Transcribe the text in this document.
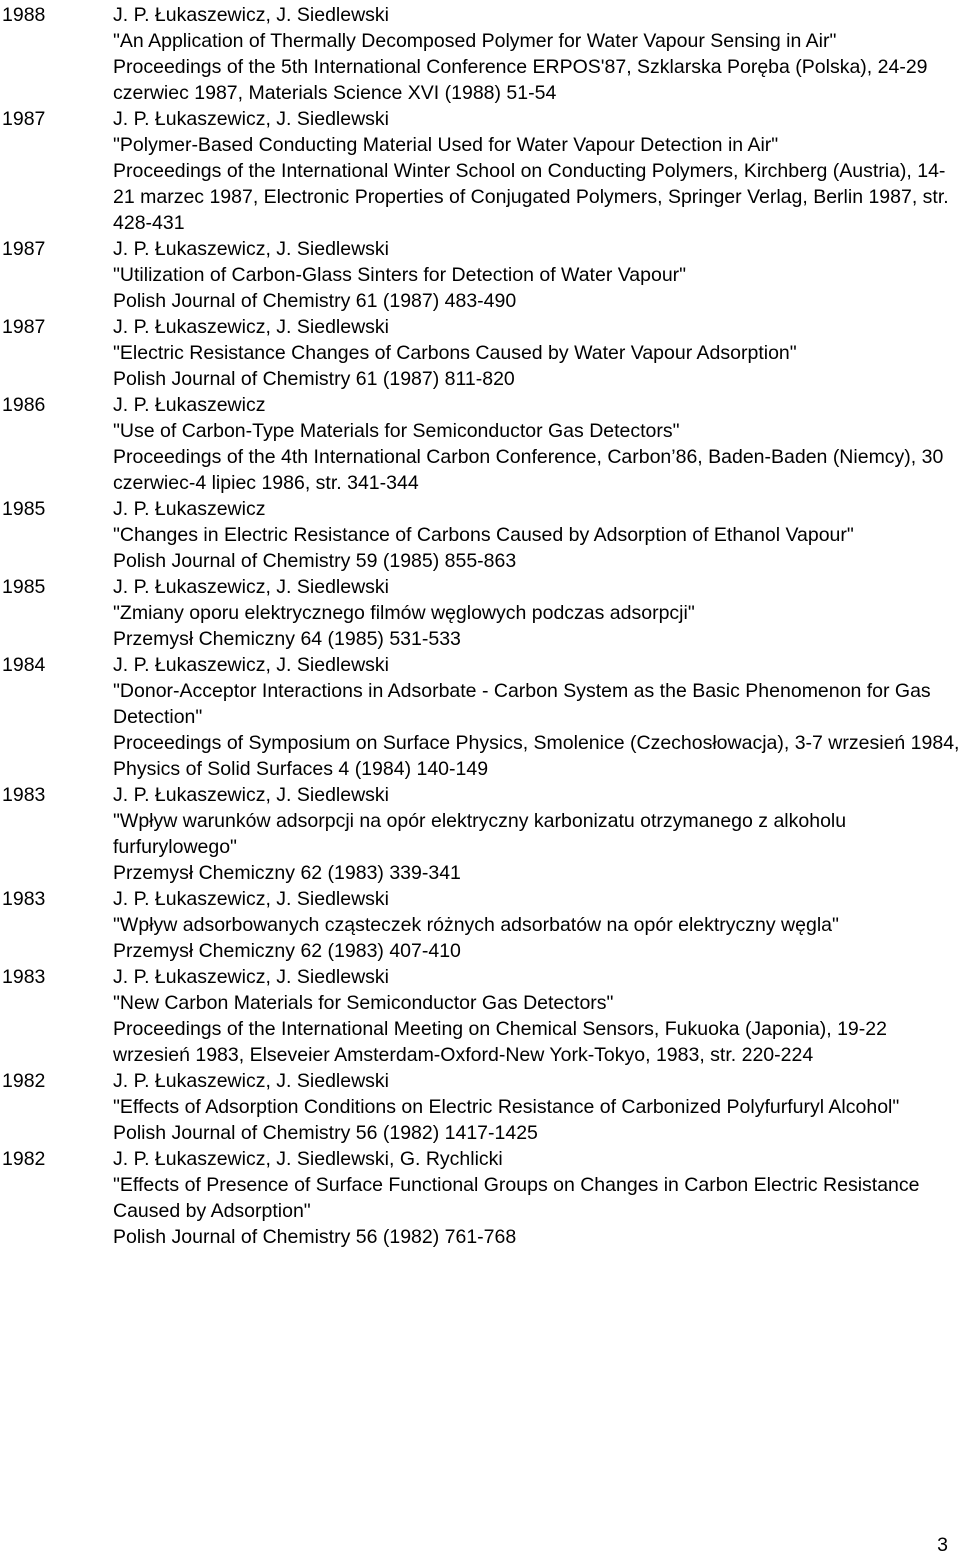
1988	J. P. Łukaszewicz, J. Siedlewski
"An Application of Thermally Decomposed Polymer for Water Vapour Sensing in Air"
Proceedings of the 5th International Conference ERPOS'87, Szklarska Poręba (Polska), 24-29 czerwiec 1987, Materials Science XVI (1988) 51-54
1987	J. P. Łukaszewicz, J. Siedlewski
"Polymer-Based Conducting Material Used for Water Vapour Detection in Air"
Proceedings of the International Winter School on Conducting Polymers, Kirchberg (Austria), 14-21 marzec 1987, Electronic Properties of Conjugated Polymers, Springer Verlag, Berlin 1987, str. 428-431
1987	J. P. Łukaszewicz, J. Siedlewski
"Utilization of Carbon-Glass Sinters for Detection of Water Vapour"
Polish Journal of Chemistry 61 (1987) 483-490
1987	J. P. Łukaszewicz, J. Siedlewski
"Electric Resistance Changes of Carbons Caused by Water Vapour Adsorption"
Polish Journal of Chemistry 61 (1987) 811-820
1986	J. P. Łukaszewicz
"Use of Carbon-Type Materials for Semiconductor Gas Detectors"
Proceedings of the 4th International Carbon Conference, Carbon’86, Baden-Baden (Niemcy), 30 czerwiec-4 lipiec 1986, str. 341-344
1985	J. P. Łukaszewicz
"Changes in Electric Resistance of Carbons Caused by Adsorption of Ethanol Vapour"
Polish Journal of Chemistry 59 (1985) 855-863
1985	J. P. Łukaszewicz, J. Siedlewski
"Zmiany oporu elektrycznego filmów węglowych podczas adsorpcji"
Przemysł Chemiczny 64 (1985) 531-533
1984	J. P. Łukaszewicz, J. Siedlewski
"Donor-Acceptor Interactions in Adsorbate - Carbon System as the Basic Phenomenon for Gas Detection"
Proceedings of Symposium on Surface Physics, Smolenice (Czechosłowacja), 3-7 wrzesień 1984, Physics of Solid Surfaces 4 (1984) 140-149
1983	J. P. Łukaszewicz, J. Siedlewski
"Wpływ warunków adsorpcji na opór elektryczny karbonizatu otrzymanego z alkoholu furfurylowego"
Przemysł Chemiczny 62 (1983) 339-341
1983	J. P. Łukaszewicz, J. Siedlewski
"Wpływ adsorbowanych cząsteczek różnych adsorbatów na opór elektryczny węgla"
Przemysł Chemiczny 62 (1983) 407-410
1983	J. P. Łukaszewicz, J. Siedlewski
"New Carbon Materials for Semiconductor Gas Detectors"
Proceedings of the International Meeting on Chemical Sensors, Fukuoka (Japonia), 19-22 wrzesień 1983, Elseveier Amsterdam-Oxford-New York-Tokyo, 1983, str. 220-224
1982	J. P. Łukaszewicz, J. Siedlewski
"Effects of Adsorption Conditions on Electric Resistance of Carbonized Polyfurfuryl Alcohol"
Polish Journal of Chemistry 56 (1982) 1417-1425
1982	J. P. Łukaszewicz, J. Siedlewski, G. Rychlicki
"Effects of Presence of Surface Functional Groups on Changes in Carbon Electric Resistance Caused by Adsorption"
Polish Journal of Chemistry 56 (1982) 761-768
3
